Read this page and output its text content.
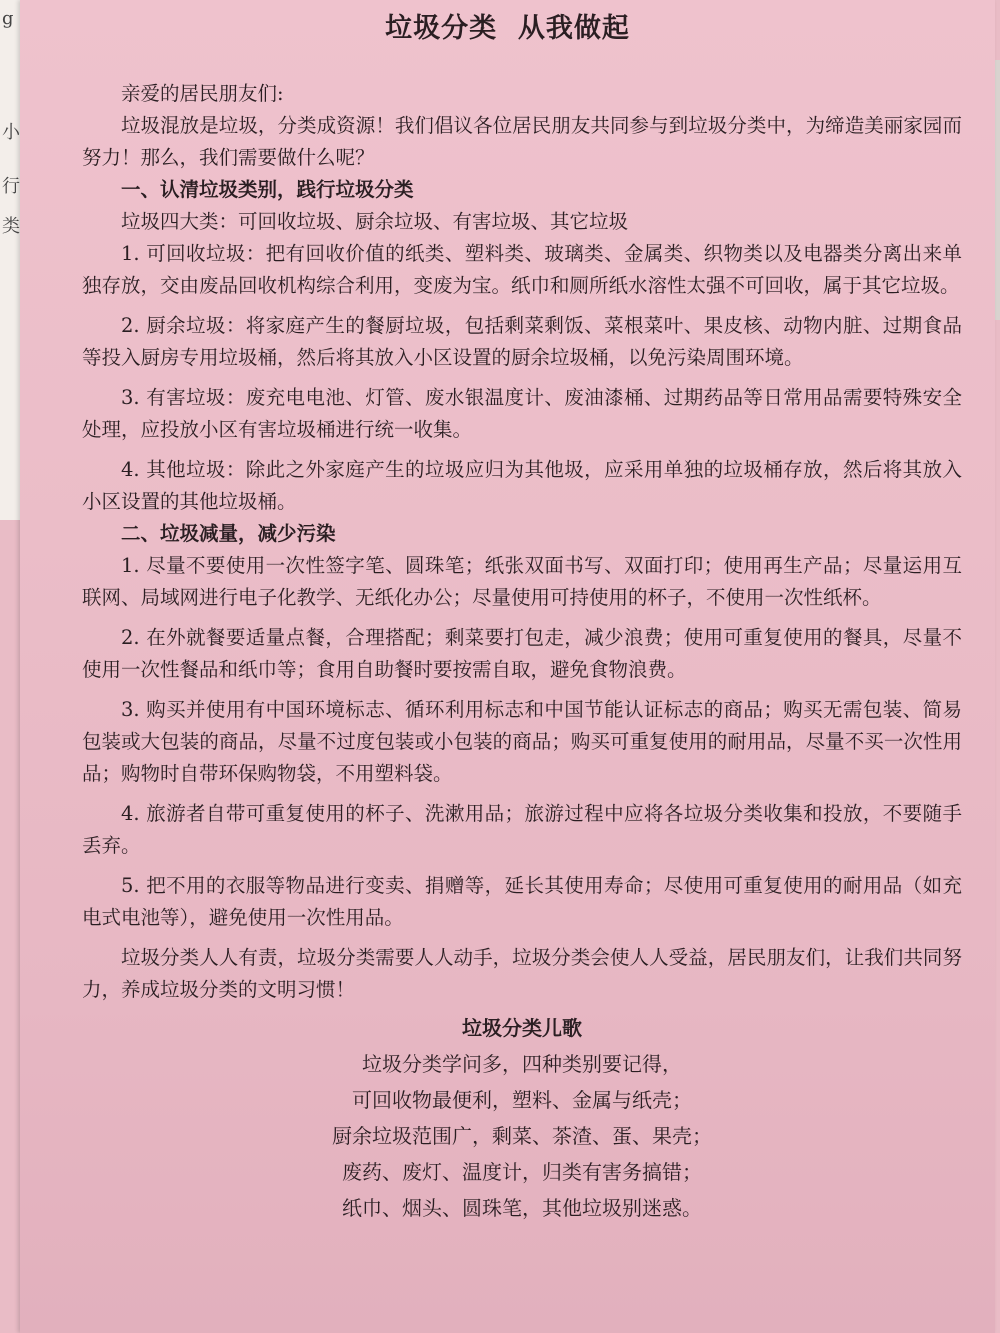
g
小
行
类
垃圾分类  从我做起

亲爱的居民朋友们:

垃圾混放是垃圾，分类成资源！我们倡议各位居民朋友共同参与到垃圾分类中，为缔造美丽家园而努力！那么，我们需要做什么呢？

一、认清垃圾类别，践行垃圾分类

垃圾四大类：可回收垃圾、厨余垃圾、有害垃圾、其它垃圾

1. 可回收垃圾：把有回收价值的纸类、塑料类、玻璃类、金属类、织物类以及电器类分离出来单独存放，交由废品回收机构综合利用，变废为宝。纸巾和厕所纸水溶性太强不可回收，属于其它垃圾。

2. 厨余垃圾：将家庭产生的餐厨垃圾，包括剩菜剩饭、菜根菜叶、果皮核、动物内脏、过期食品等投入厨房专用垃圾桶，然后将其放入小区设置的厨余垃圾桶，以免污染周围环境。

3. 有害垃圾：废充电电池、灯管、废水银温度计、废油漆桶、过期药品等日常用品需要特殊安全处理，应投放小区有害垃圾桶进行统一收集。

4. 其他垃圾：除此之外家庭产生的垃圾应归为其他圾，应采用单独的垃圾桶存放，然后将其放入小区设置的其他垃圾桶。

二、垃圾减量，减少污染

1. 尽量不要使用一次性签字笔、圆珠笔；纸张双面书写、双面打印；使用再生产品；尽量运用互联网、局域网进行电子化教学、无纸化办公；尽量使用可持使用的杯子，不使用一次性纸杯。

2. 在外就餐要适量点餐，合理搭配；剩菜要打包走，减少浪费；使用可重复使用的餐具，尽量不使用一次性餐品和纸巾等；食用自助餐时要按需自取，避免食物浪费。

3. 购买并使用有中国环境标志、循环利用标志和中国节能认证标志的商品；购买无需包装、简易包装或大包装的商品，尽量不过度包装或小包装的商品；购买可重复使用的耐用品，尽量不买一次性用品；购物时自带环保购物袋，不用塑料袋。

4. 旅游者自带可重复使用的杯子、洗漱用品；旅游过程中应将各垃圾分类收集和投放，不要随手丢弃。

5. 把不用的衣服等物品进行变卖、捐赠等，延长其使用寿命；尽使用可重复使用的耐用品（如充电式电池等），避免使用一次性用品。

垃圾分类人人有责，垃圾分类需要人人动手，垃圾分类会使人人受益，居民朋友们，让我们共同努力，养成垃圾分类的文明习惯！

垃圾分类儿歌
垃圾分类学问多，四种类别要记得，
可回收物最便利，塑料、金属与纸壳；
厨余垃圾范围广，剩菜、茶渣、蛋、果壳；
废药、废灯、温度计，归类有害务搞错；
纸巾、烟头、圆珠笔，其他垃圾别迷惑。
